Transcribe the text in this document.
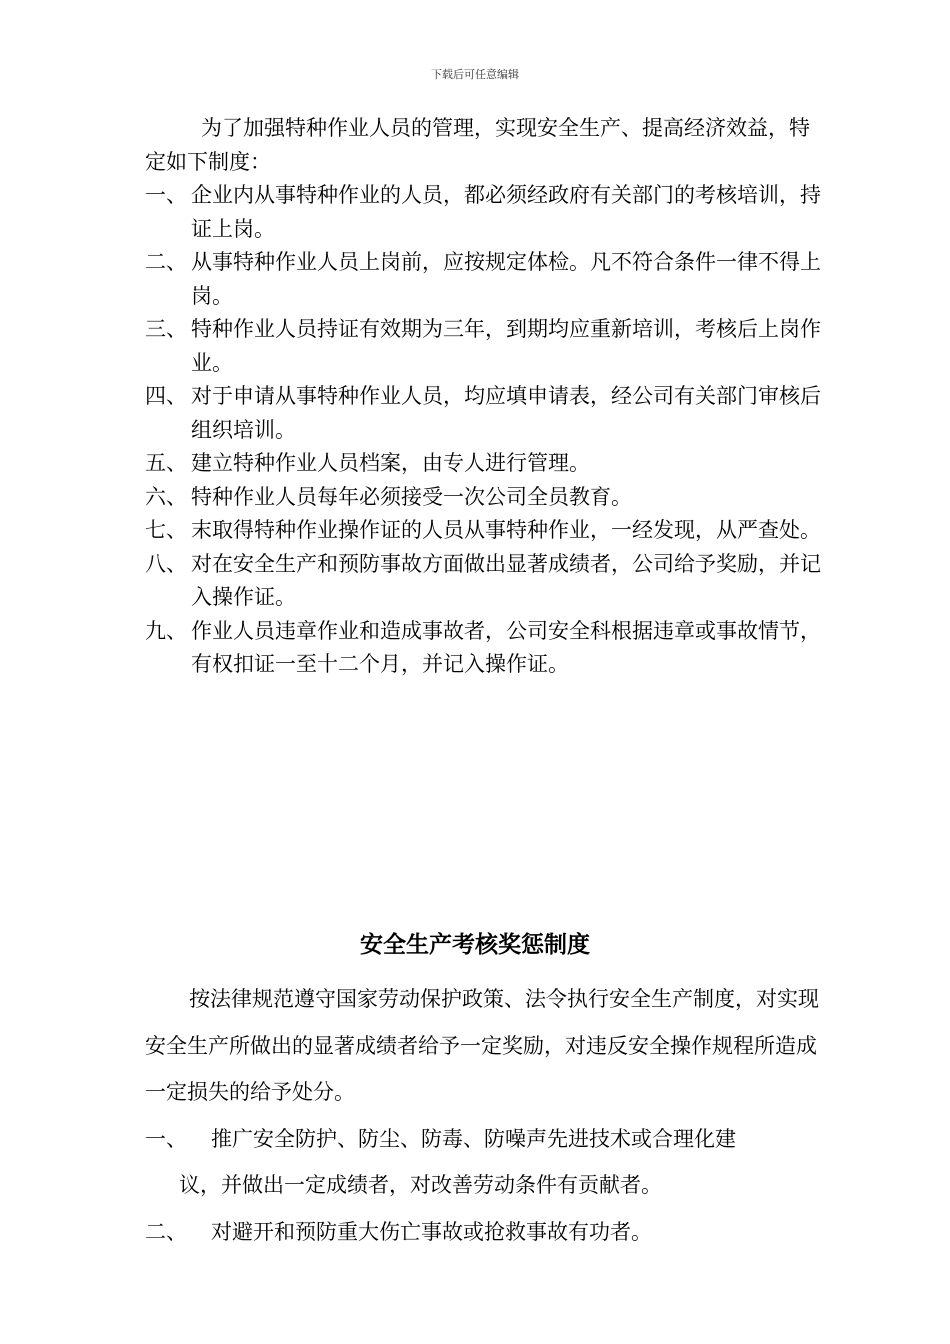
下载后可任意编辑

为了加强特种作业人员的管理，实现安全生产、提高经济效益，特定如下制度：

一、 企业内从事特种作业的人员，都必须经政府有关部门的考核培训，持证上岗。

二、 从事特种作业人员上岗前，应按规定体检。凡不符合条件一律不得上岗。

三、 特种作业人员持证有效期为三年，到期均应重新培训，考核后上岗作业。

四、 对于申请从事特种作业人员，均应填申请表，经公司有关部门审核后组织培训。

五、 建立特种作业人员档案，由专人进行管理。

六、 特种作业人员每年必须接受一次公司全员教育。

七、 末取得特种作业操作证的人员从事特种作业，一经发现，从严查处。

八、 对在安全生产和预防事故方面做出显著成绩者，公司给予奖励，并记入操作证。

九、 作业人员违章作业和造成事故者，公司安全科根据违章或事故情节，有权扣证一至十二个月，并记入操作证。

安全生产考核奖惩制度

按法律规范遵守国家劳动保护政策、法令执行安全生产制度，对实现安全生产所做出的显著成绩者给予一定奖励，对违反安全操作规程所造成一定损失的给予处分。

一、	推广安全防护、防尘、防毒、防噪声先进技术或合理化建
议，并做出一定成绩者，对改善劳动条件有贡献者。
二、	对避开和预防重大伤亡事故或抢救事故有功者。
